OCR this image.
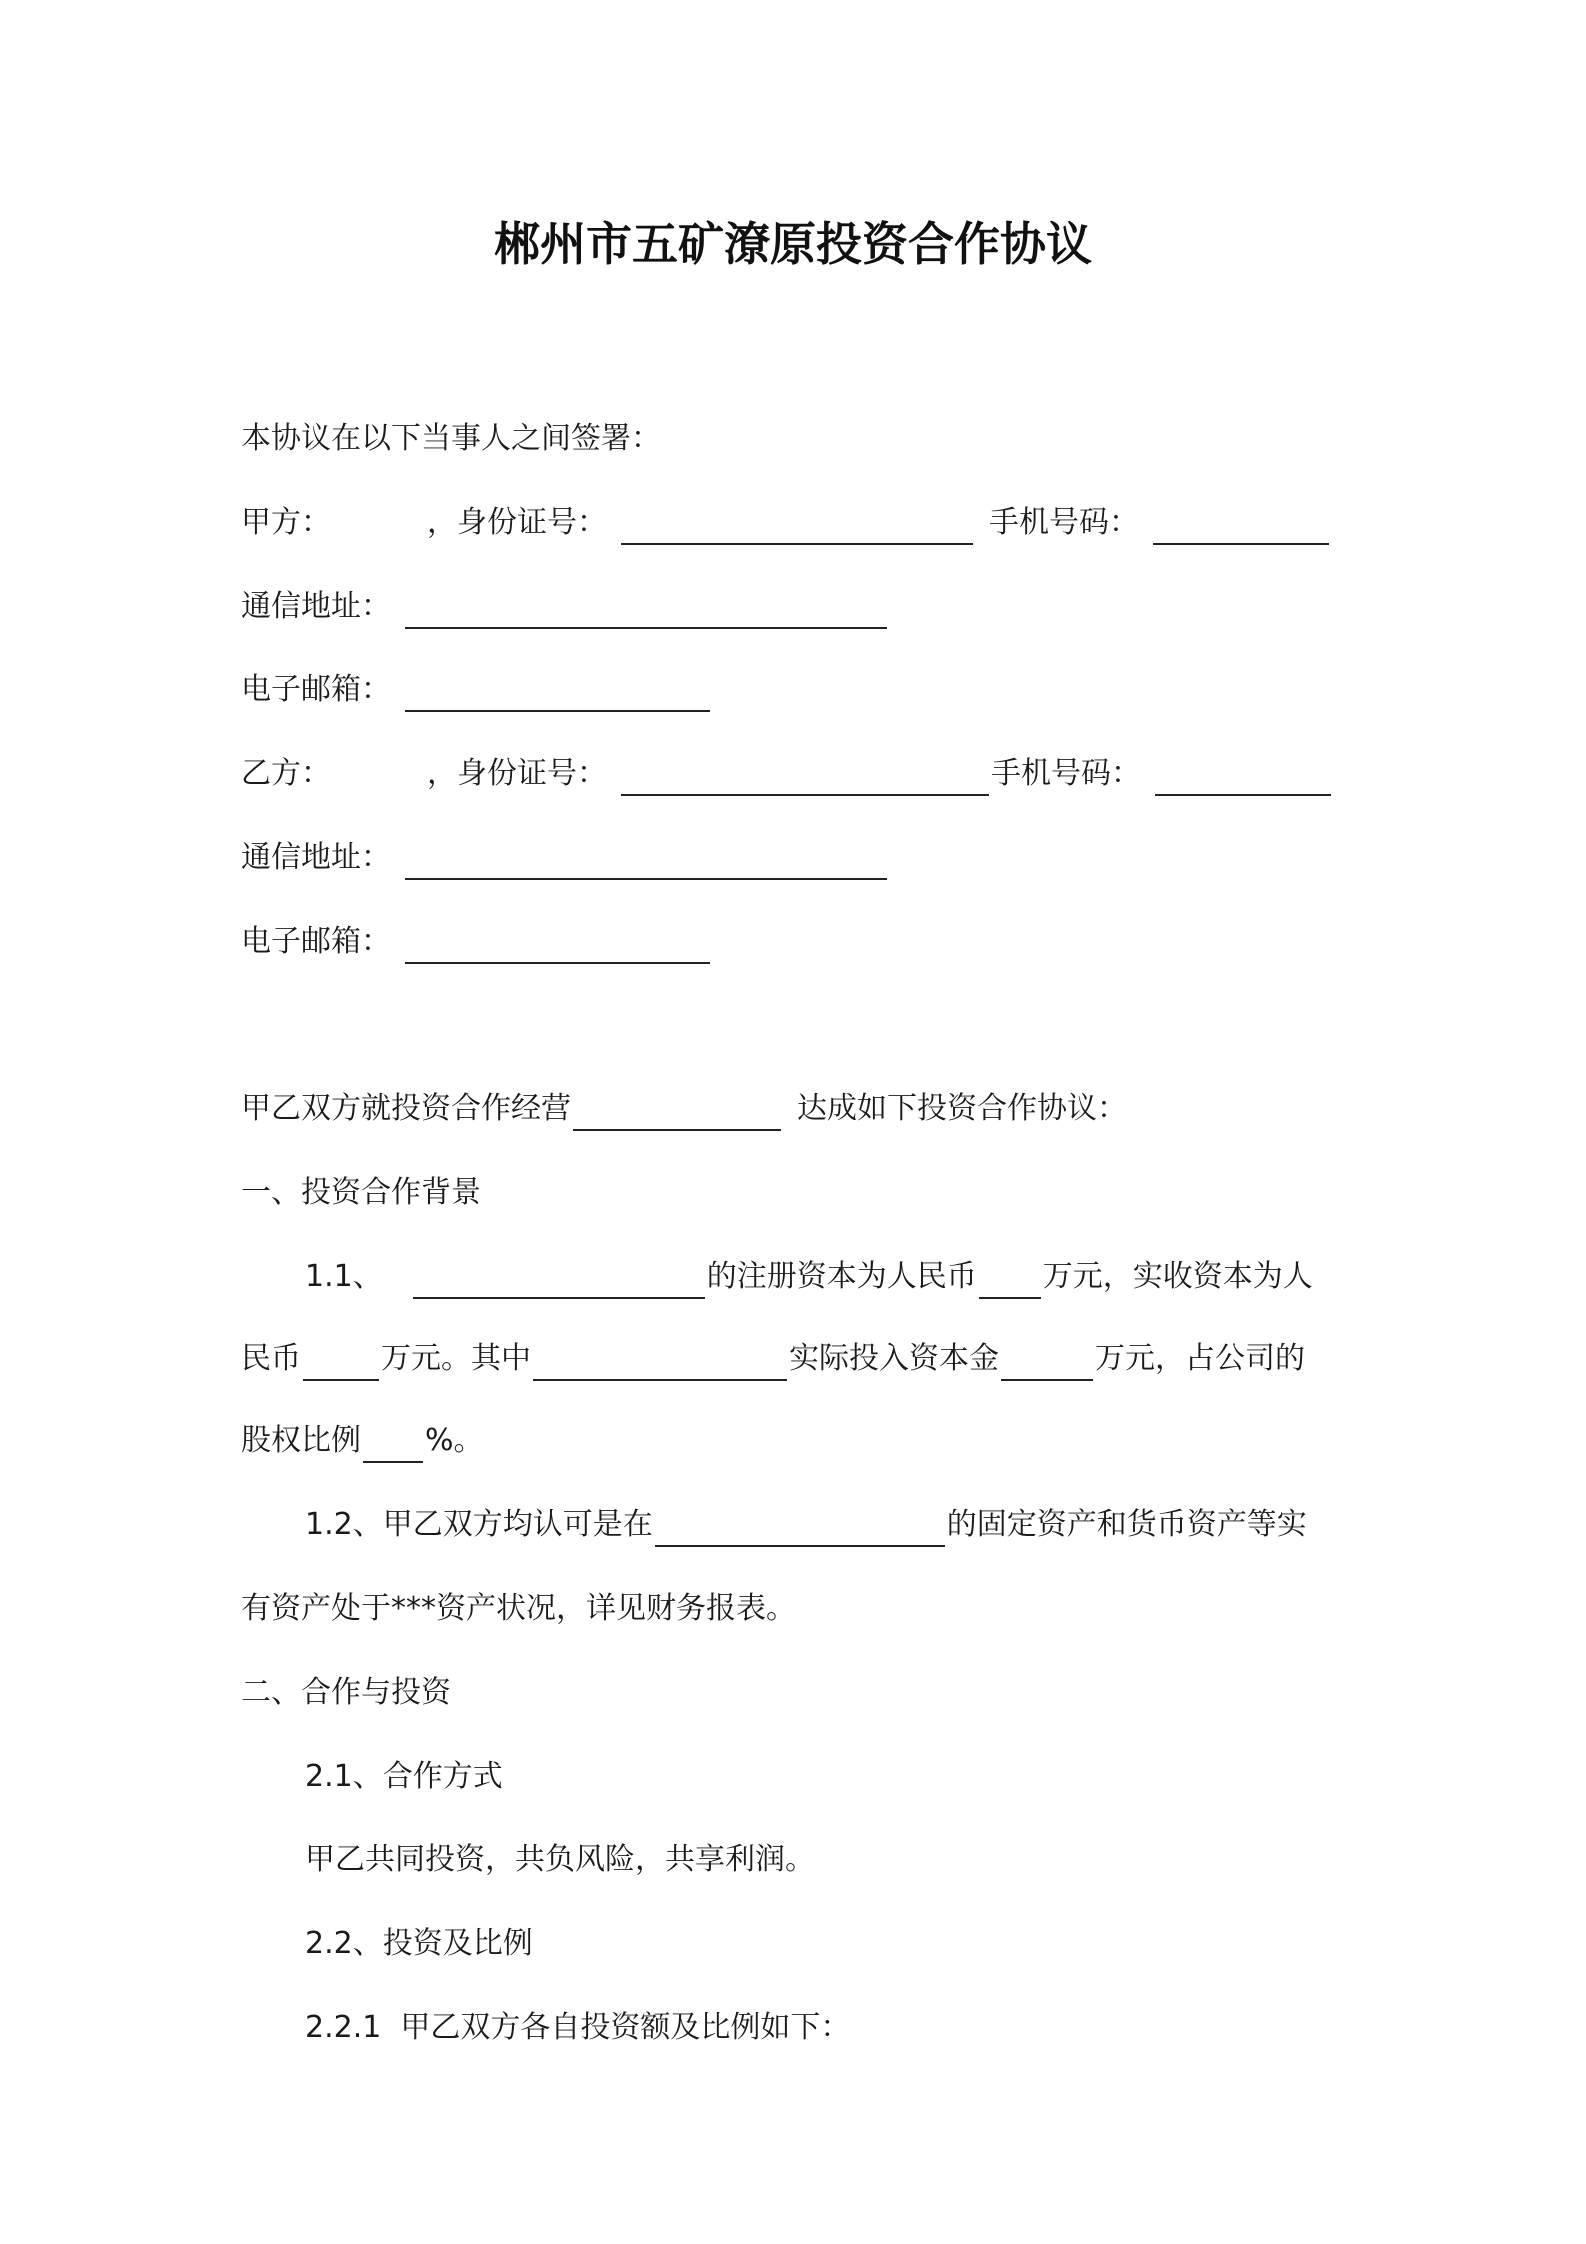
郴州市五矿潦原投资合作协议
本协议在以下当事人之间签署：
甲方：	，身份证号：	手机号码：
通信地址：
电子邮箱：
乙方：	，身份证号：	手机号码：
通信地址：
电子邮箱：
甲乙双方就投资合作经营	达成如下投资合作协议：
一、投资合作背景
1.1、	的注册资本为人民币 万元，实收资本为人
民币	万元。其中	实际投入资本金	万元，占公司的
股权比例 %。
1.2、甲乙双方均认可是在	的固定资产和货币资产等实
有资产处于***资产状况，详见财务报表。
二、合作与投资
2.1、合作方式
甲乙共同投资，共负风险，共享利润。
2.2、投资及比例
2.2.1  甲乙双方各自投资额及比例如下：
